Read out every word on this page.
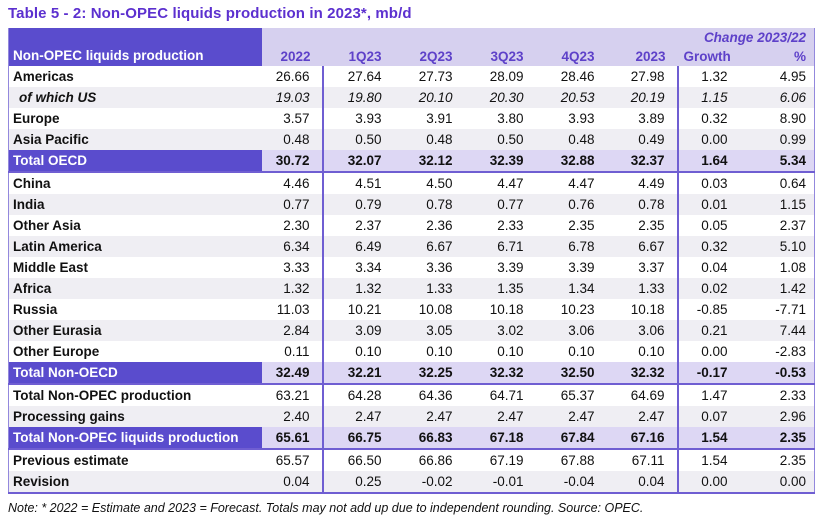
Table 5 - 2: Non-OPEC liquids production in 2023*, mb/d
Non-OPEC liquids production							Change 2023/22	
	2022	1Q23	2Q23	3Q23	4Q23	2023	Growth	%
Americas	26.66	27.64	27.73	28.09	28.46	27.98	1.32	4.95
of which US	19.03	19.80	20.10	20.30	20.53	20.19	1.15	6.06
Europe	3.57	3.93	3.91	3.80	3.93	3.89	0.32	8.90
Asia Pacific	0.48	0.50	0.48	0.50	0.48	0.49	0.00	0.99
Total OECD	30.72	32.07	32.12	32.39	32.88	32.37	1.64	5.34
China	4.46	4.51	4.50	4.47	4.47	4.49	0.03	0.64
India	0.77	0.79	0.78	0.77	0.76	0.78	0.01	1.15
Other Asia	2.30	2.37	2.36	2.33	2.35	2.35	0.05	2.37
Latin America	6.34	6.49	6.67	6.71	6.78	6.67	0.32	5.10
Middle East	3.33	3.34	3.36	3.39	3.39	3.37	0.04	1.08
Africa	1.32	1.32	1.33	1.35	1.34	1.33	0.02	1.42
Russia	11.03	10.21	10.08	10.18	10.23	10.18	-0.85	-7.71
Other Eurasia	2.84	3.09	3.05	3.02	3.06	3.06	0.21	7.44
Other Europe	0.11	0.10	0.10	0.10	0.10	0.10	0.00	-2.83
Total Non-OECD	32.49	32.21	32.25	32.32	32.50	32.32	-0.17	-0.53
Total Non-OPEC production	63.21	64.28	64.36	64.71	65.37	64.69	1.47	2.33
Processing gains	2.40	2.47	2.47	2.47	2.47	2.47	0.07	2.96
Total Non-OPEC liquids production	65.61	66.75	66.83	67.18	67.84	67.16	1.54	2.35
Previous estimate	65.57	66.50	66.86	67.19	67.88	67.11	1.54	2.35
Revision	0.04	0.25	-0.02	-0.01	-0.04	0.04	0.00	0.00
Note: * 2022 = Estimate and 2023 = Forecast. Totals may not add up due to independent rounding. Source: OPEC.
